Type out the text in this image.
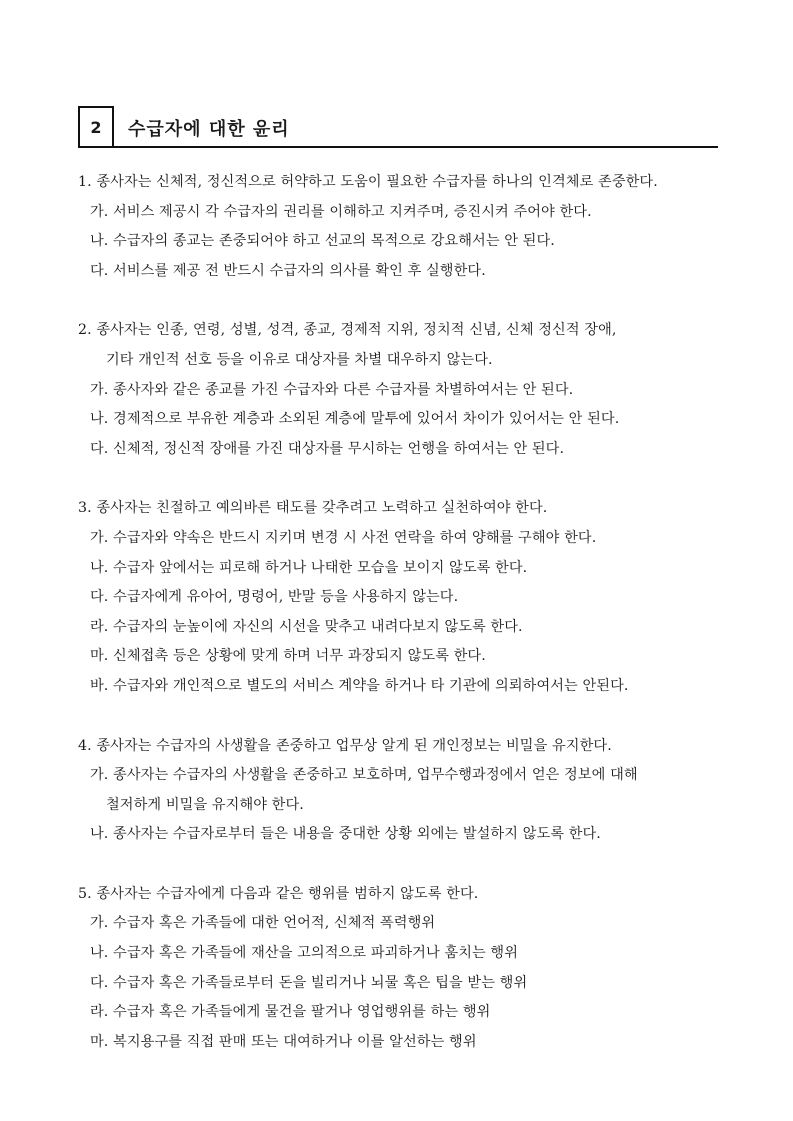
2 수급자에 대한 윤리
1. 종사자는 신체적, 정신적으로 허약하고 도움이 필요한 수급자를 하나의 인격체로 존중한다.
가. 서비스 제공시 각 수급자의 권리를 이해하고 지켜주며, 증진시켜 주어야 한다.
나. 수급자의 종교는 존중되어야 하고 선교의 목적으로 강요해서는 안 된다.
다. 서비스를 제공 전 반드시 수급자의 의사를 확인 후 실행한다.
2. 종사자는 인종, 연령, 성별, 성격, 종교, 경제적 지위, 정치적 신념, 신체 정신적 장애,
기타 개인적 선호 등을 이유로 대상자를 차별 대우하지 않는다.
가. 종사자와 같은 종교를 가진 수급자와 다른 수급자를 차별하여서는 안 된다.
나. 경제적으로 부유한 계층과 소외된 계층에 말투에 있어서 차이가 있어서는 안 된다.
다. 신체적, 정신적 장애를 가진 대상자를 무시하는 언행을 하여서는 안 된다.
3. 종사자는 친절하고 예의바른 태도를 갖추려고 노력하고 실천하여야 한다.
가. 수급자와 약속은 반드시 지키며 변경 시 사전 연락을 하여 양해를 구해야 한다.
나. 수급자 앞에서는 피로해 하거나 나태한 모습을 보이지 않도록 한다.
다. 수급자에게 유아어, 명령어, 반말 등을 사용하지 않는다.
라. 수급자의 눈높이에 자신의 시선을 맞추고 내려다보지 않도록 한다.
마. 신체접촉 등은 상황에 맞게 하며 너무 과장되지 않도록 한다.
바. 수급자와 개인적으로 별도의 서비스 계약을 하거나 타 기관에 의뢰하여서는 안된다.
4. 종사자는 수급자의 사생활을 존중하고 업무상 알게 된 개인정보는 비밀을 유지한다.
가. 종사자는 수급자의 사생활을 존중하고 보호하며, 업무수행과정에서 얻은 정보에 대해
철저하게 비밀을 유지해야 한다.
나. 종사자는 수급자로부터 들은 내용을 중대한 상황 외에는 발설하지 않도록 한다.
5. 종사자는 수급자에게 다음과 같은 행위를 범하지 않도록 한다.
가. 수급자 혹은 가족들에 대한 언어적, 신체적 폭력행위
나. 수급자 혹은 가족들에 재산을 고의적으로 파괴하거나 훔치는 행위
다. 수급자 혹은 가족들로부터 돈을 빌리거나 뇌물 혹은 팁을 받는 행위
라. 수급자 혹은 가족들에게 물건을 팔거나 영업행위를 하는 행위
마. 복지용구를 직접 판매 또는 대여하거나 이를 알선하는 행위
